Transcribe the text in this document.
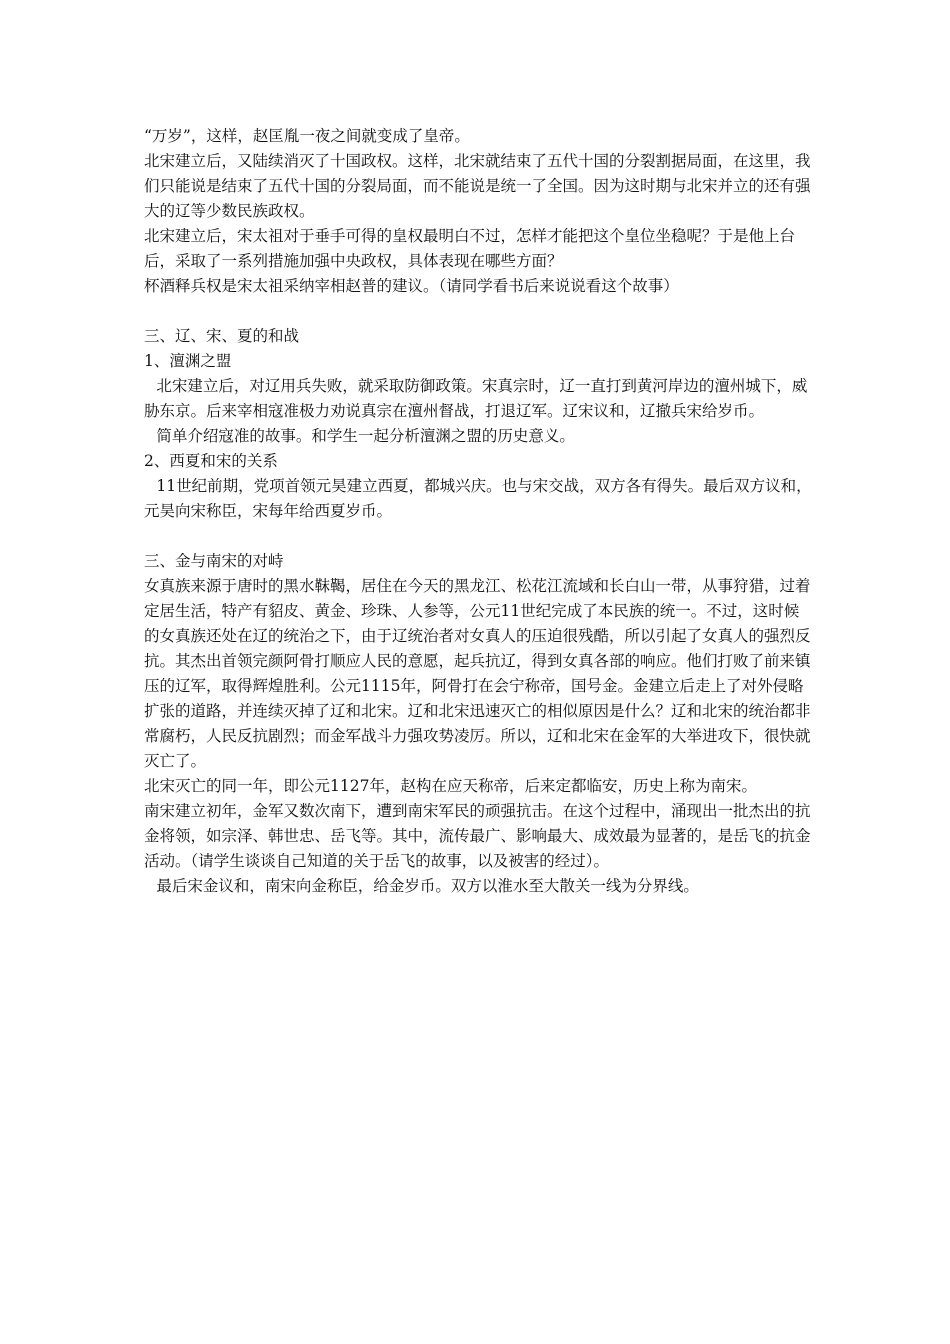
“万岁”，这样，赵匡胤一夜之间就变成了皇帝。

北宋建立后，又陆续消灭了十国政权。这样，北宋就结束了五代十国的分裂割据局面，在这里，我们只能说是结束了五代十国的分裂局面，而不能说是统一了全国。因为这时期与北宋并立的还有强大的辽等少数民族政权。

北宋建立后，宋太祖对于垂手可得的皇权最明白不过，怎样才能把这个皇位坐稳呢？于是他上台后，采取了一系列措施加强中央政权，具体表现在哪些方面？

杯酒释兵权是宋太祖采纳宰相赵普的建议。（请同学看书后来说说看这个故事）

三、辽、宋、夏的和战

1、澶渊之盟

北宋建立后，对辽用兵失败，就采取防御政策。宋真宗时，辽一直打到黄河岸边的澶州城下，威胁东京。后来宰相寇准极力劝说真宗在澶州督战，打退辽军。辽宋议和，辽撤兵宋给岁币。

简单介绍寇准的故事。和学生一起分析澶渊之盟的历史意义。

2、西夏和宋的关系

11世纪前期，党项首领元昊建立西夏，都城兴庆。也与宋交战，双方各有得失。最后双方议和，元昊向宋称臣，宋每年给西夏岁币。

三、金与南宋的对峙

女真族来源于唐时的黑水靺鞨，居住在今天的黑龙江、松花江流域和长白山一带，从事狩猎，过着定居生活，特产有貂皮、黄金、珍珠、人参等，公元11世纪完成了本民族的统一。不过，这时候的女真族还处在辽的统治之下，由于辽统治者对女真人的压迫很残酷，所以引起了女真人的强烈反抗。其杰出首领完颜阿骨打顺应人民的意愿，起兵抗辽，得到女真各部的响应。他们打败了前来镇压的辽军，取得辉煌胜利。公元1115年，阿骨打在会宁称帝，国号金。金建立后走上了对外侵略扩张的道路，并连续灭掉了辽和北宋。辽和北宋迅速灭亡的相似原因是什么？辽和北宋的统治都非常腐朽，人民反抗剧烈；而金军战斗力强攻势凌厉。所以，辽和北宋在金军的大举进攻下，很快就灭亡了。

北宋灭亡的同一年，即公元1127年，赵构在应天称帝，后来定都临安，历史上称为南宋。

南宋建立初年，金军又数次南下，遭到南宋军民的顽强抗击。在这个过程中，涌现出一批杰出的抗金将领，如宗泽、韩世忠、岳飞等。其中，流传最广、影响最大、成效最为显著的，是岳飞的抗金活动。（请学生谈谈自己知道的关于岳飞的故事，以及被害的经过）。

最后宋金议和，南宋向金称臣，给金岁币。双方以淮水至大散关一线为分界线。
